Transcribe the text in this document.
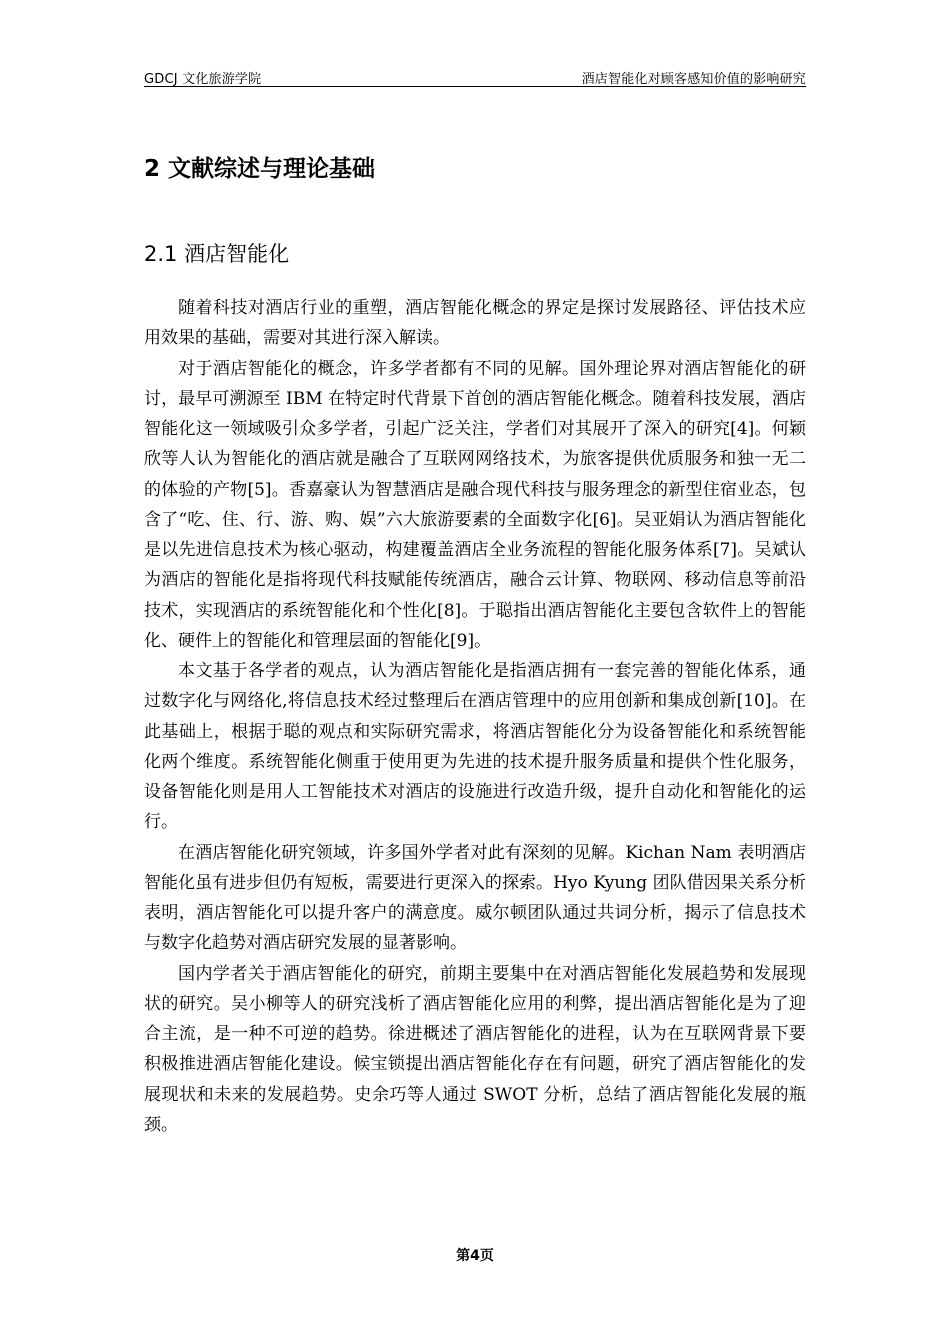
GDCJ 文化旅游学院	酒店智能化对顾客感知价值的影响研究
2 文献综述与理论基础
2.1 酒店智能化

随着科技对酒店行业的重塑，酒店智能化概念的界定是探讨发展路径、评估技术应用效果的基础，需要对其进行深入解读。

对于酒店智能化的概念，许多学者都有不同的见解。国外理论界对酒店智能化的研讨，最早可溯源至 IBM 在特定时代背景下首创的酒店智能化概念。随着科技发展，酒店智能化这一领域吸引众多学者，引起广泛关注，学者们对其展开了深入的研究[4]。何颖欣等人认为智能化的酒店就是融合了互联网网络技术，为旅客提供优质服务和独一无二的体验的产物[5]。香嘉豪认为智慧酒店是融合现代科技与服务理念的新型住宿业态，包含了“吃、住、行、游、购、娱”六大旅游要素的全面数字化[6]。吴亚娟认为酒店智能化是以先进信息技术为核心驱动，构建覆盖酒店全业务流程的智能化服务体系[7]。吴斌认为酒店的智能化是指将现代科技赋能传统酒店，融合云计算、物联网、移动信息等前沿技术，实现酒店的系统智能化和个性化[8]。于聪指出酒店智能化主要包含软件上的智能化、硬件上的智能化和管理层面的智能化[9]。

本文基于各学者的观点，认为酒店智能化是指酒店拥有一套完善的智能化体系，通过数字化与网络化,将信息技术经过整理后在酒店管理中的应用创新和集成创新[10]。在此基础上，根据于聪的观点和实际研究需求，将酒店智能化分为设备智能化和系统智能化两个维度。系统智能化侧重于使用更为先进的技术提升服务质量和提供个性化服务，设备智能化则是用人工智能技术对酒店的设施进行改造升级，提升自动化和智能化的运行。

在酒店智能化研究领域，许多国外学者对此有深刻的见解。Kichan Nam 表明酒店智能化虽有进步但仍有短板，需要进行更深入的探索。Hyo Kyung 团队借因果关系分析表明，酒店智能化可以提升客户的满意度。威尔顿团队通过共词分析，揭示了信息技术与数字化趋势对酒店研究发展的显著影响。

国内学者关于酒店智能化的研究，前期主要集中在对酒店智能化发展趋势和发展现状的研究。吴小柳等人的研究浅析了酒店智能化应用的利弊，提出酒店智能化是为了迎合主流，是一种不可逆的趋势。徐进概述了酒店智能化的进程，认为在互联网背景下要积极推进酒店智能化建设。候宝锁提出酒店智能化存在有问题，研究了酒店智能化的发展现状和未来的发展趋势。史余巧等人通过 SWOT 分析，总结了酒店智能化发展的瓶颈。

第4页
